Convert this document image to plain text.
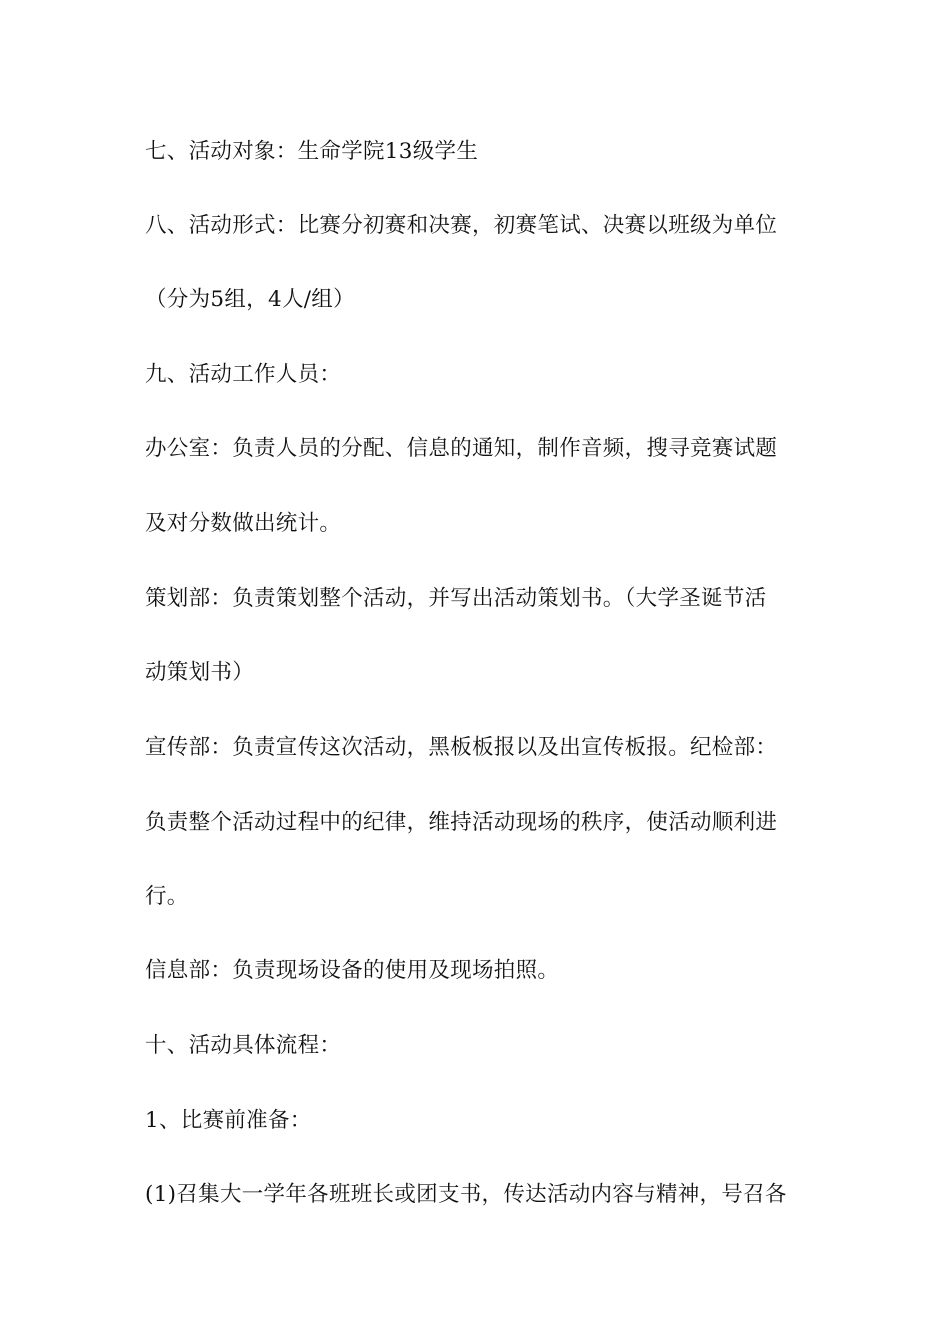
七、活动对象：生命学院13级学生
八、活动形式：比赛分初赛和决赛，初赛笔试、决赛以班级为单位
（分为5组，4人/组）
九、活动工作人员：
办公室：负责人员的分配、信息的通知，制作音频，搜寻竞赛试题
及对分数做出统计。
策划部：负责策划整个活动，并写出活动策划书。（大学圣诞节活
动策划书）
宣传部：负责宣传这次活动，黑板板报以及出宣传板报。纪检部：
负责整个活动过程中的纪律，维持活动现场的秩序，使活动顺利进
行。
信息部：负责现场设备的使用及现场拍照。
十、活动具体流程：
1、比赛前准备：
(1)召集大一学年各班班长或团支书，传达活动内容与精神，号召各
